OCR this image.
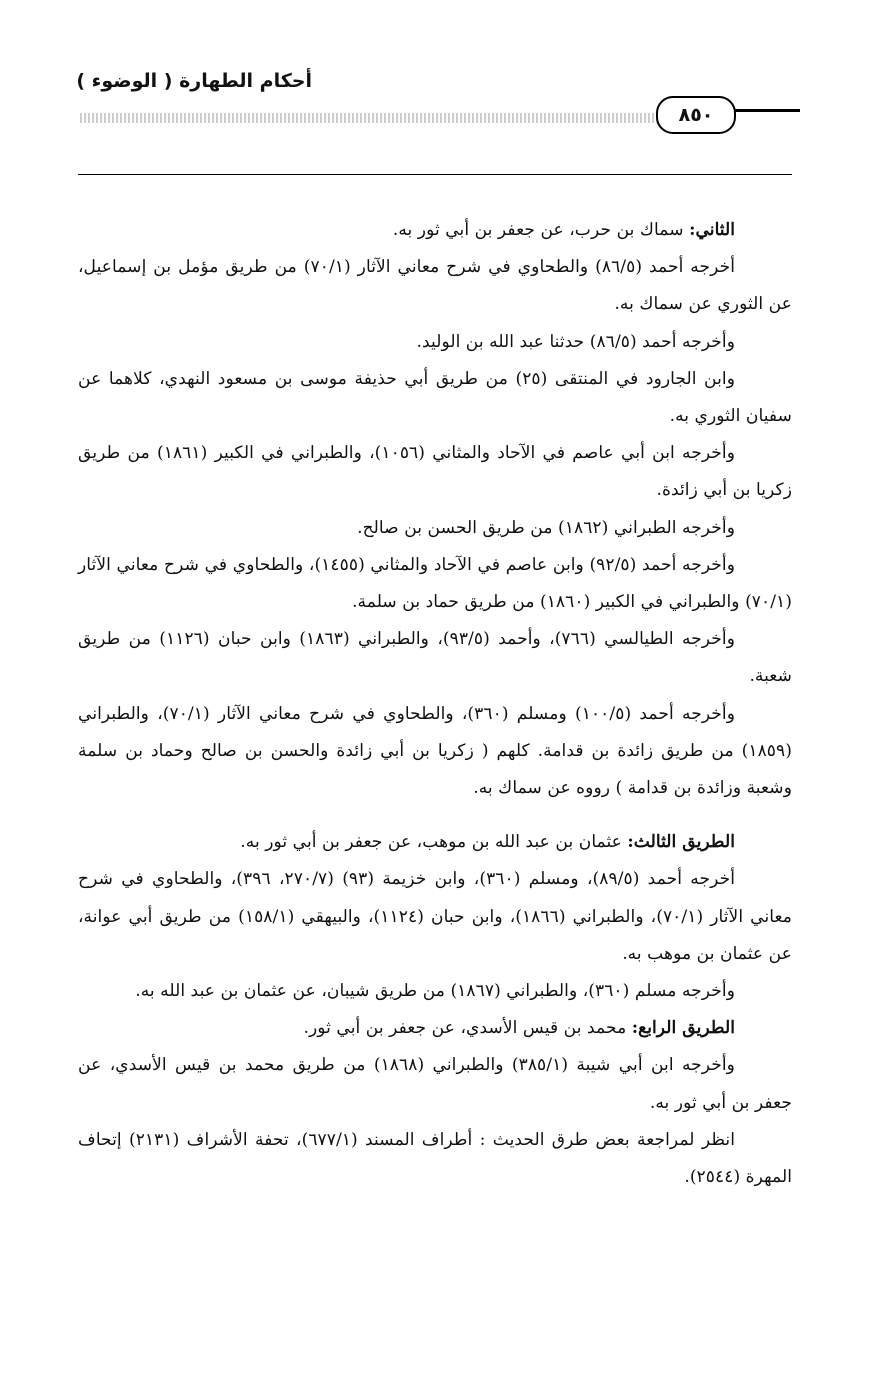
أحكام الطهارة ( الوضوء )
٨٥٠

الثاني: سماك بن حرب، عن جعفر بن أبي ثور به.

أخرجه أحمد (٨٦/٥) والطحاوي في شرح معاني الآثار (٧٠/١) من طريق مؤمل بن إسماعيل، عن الثوري عن سماك به.

وأخرجه أحمد (٨٦/٥) حدثنا عبد الله بن الوليد.

وابن الجارود في المنتقى (٢٥) من طريق أبي حذيفة موسى بن مسعود النهدي، كلاهما عن سفيان الثوري به.

وأخرجه ابن أبي عاصم في الآحاد والمثاني (١٠٥٦)، والطبراني في الكبير (١٨٦١) من طريق زكريا بن أبي زائدة.

وأخرجه الطبراني (١٨٦٢) من طريق الحسن بن صالح.

وأخرجه أحمد (٩٢/٥) وابن عاصم في الآحاد والمثاني (١٤٥٥)، والطحاوي في شرح معاني الآثار (٧٠/١) والطبراني في الكبير (١٨٦٠) من طريق حماد بن سلمة.

وأخرجه الطيالسي (٧٦٦)، وأحمد (٩٣/٥)، والطبراني (١٨٦٣) وابن حبان (١١٢٦) من طريق شعبة.

وأخرجه أحمد (١٠٠/٥) ومسلم (٣٦٠)، والطحاوي في شرح معاني الآثار (٧٠/١)، والطبراني (١٨٥٩) من طريق زائدة بن قدامة. كلهم ( زكريا بن أبي زائدة والحسن بن صالح وحماد بن سلمة وشعبة وزائدة بن قدامة ) رووه عن سماك به.

الطريق الثالث: عثمان بن عبد الله بن موهب، عن جعفر بن أبي ثور به.

أخرجه أحمد (٨٩/٥)، ومسلم (٣٦٠)، وابن خزيمة (٩٣) (٢٧٠/٧، ٣٩٦)، والطحاوي في شرح معاني الآثار (٧٠/١)، والطبراني (١٨٦٦)، وابن حبان (١١٢٤)، والبيهقي (١٥٨/١) من طريق أبي عوانة، عن عثمان بن موهب به.

وأخرجه مسلم (٣٦٠)، والطبراني (١٨٦٧) من طريق شيبان، عن عثمان بن عبد الله به.

الطريق الرابع: محمد بن قيس الأسدي، عن جعفر بن أبي ثور.

وأخرجه ابن أبي شيبة (٣٨٥/١) والطبراني (١٨٦٨) من طريق محمد بن قيس الأسدي، عن جعفر بن أبي ثور به.

انظر لمراجعة بعض طرق الحديث : أطراف المسند (٦٧٧/١)، تحفة الأشراف (٢١٣١) إتحاف المهرة (٢٥٤٤).
